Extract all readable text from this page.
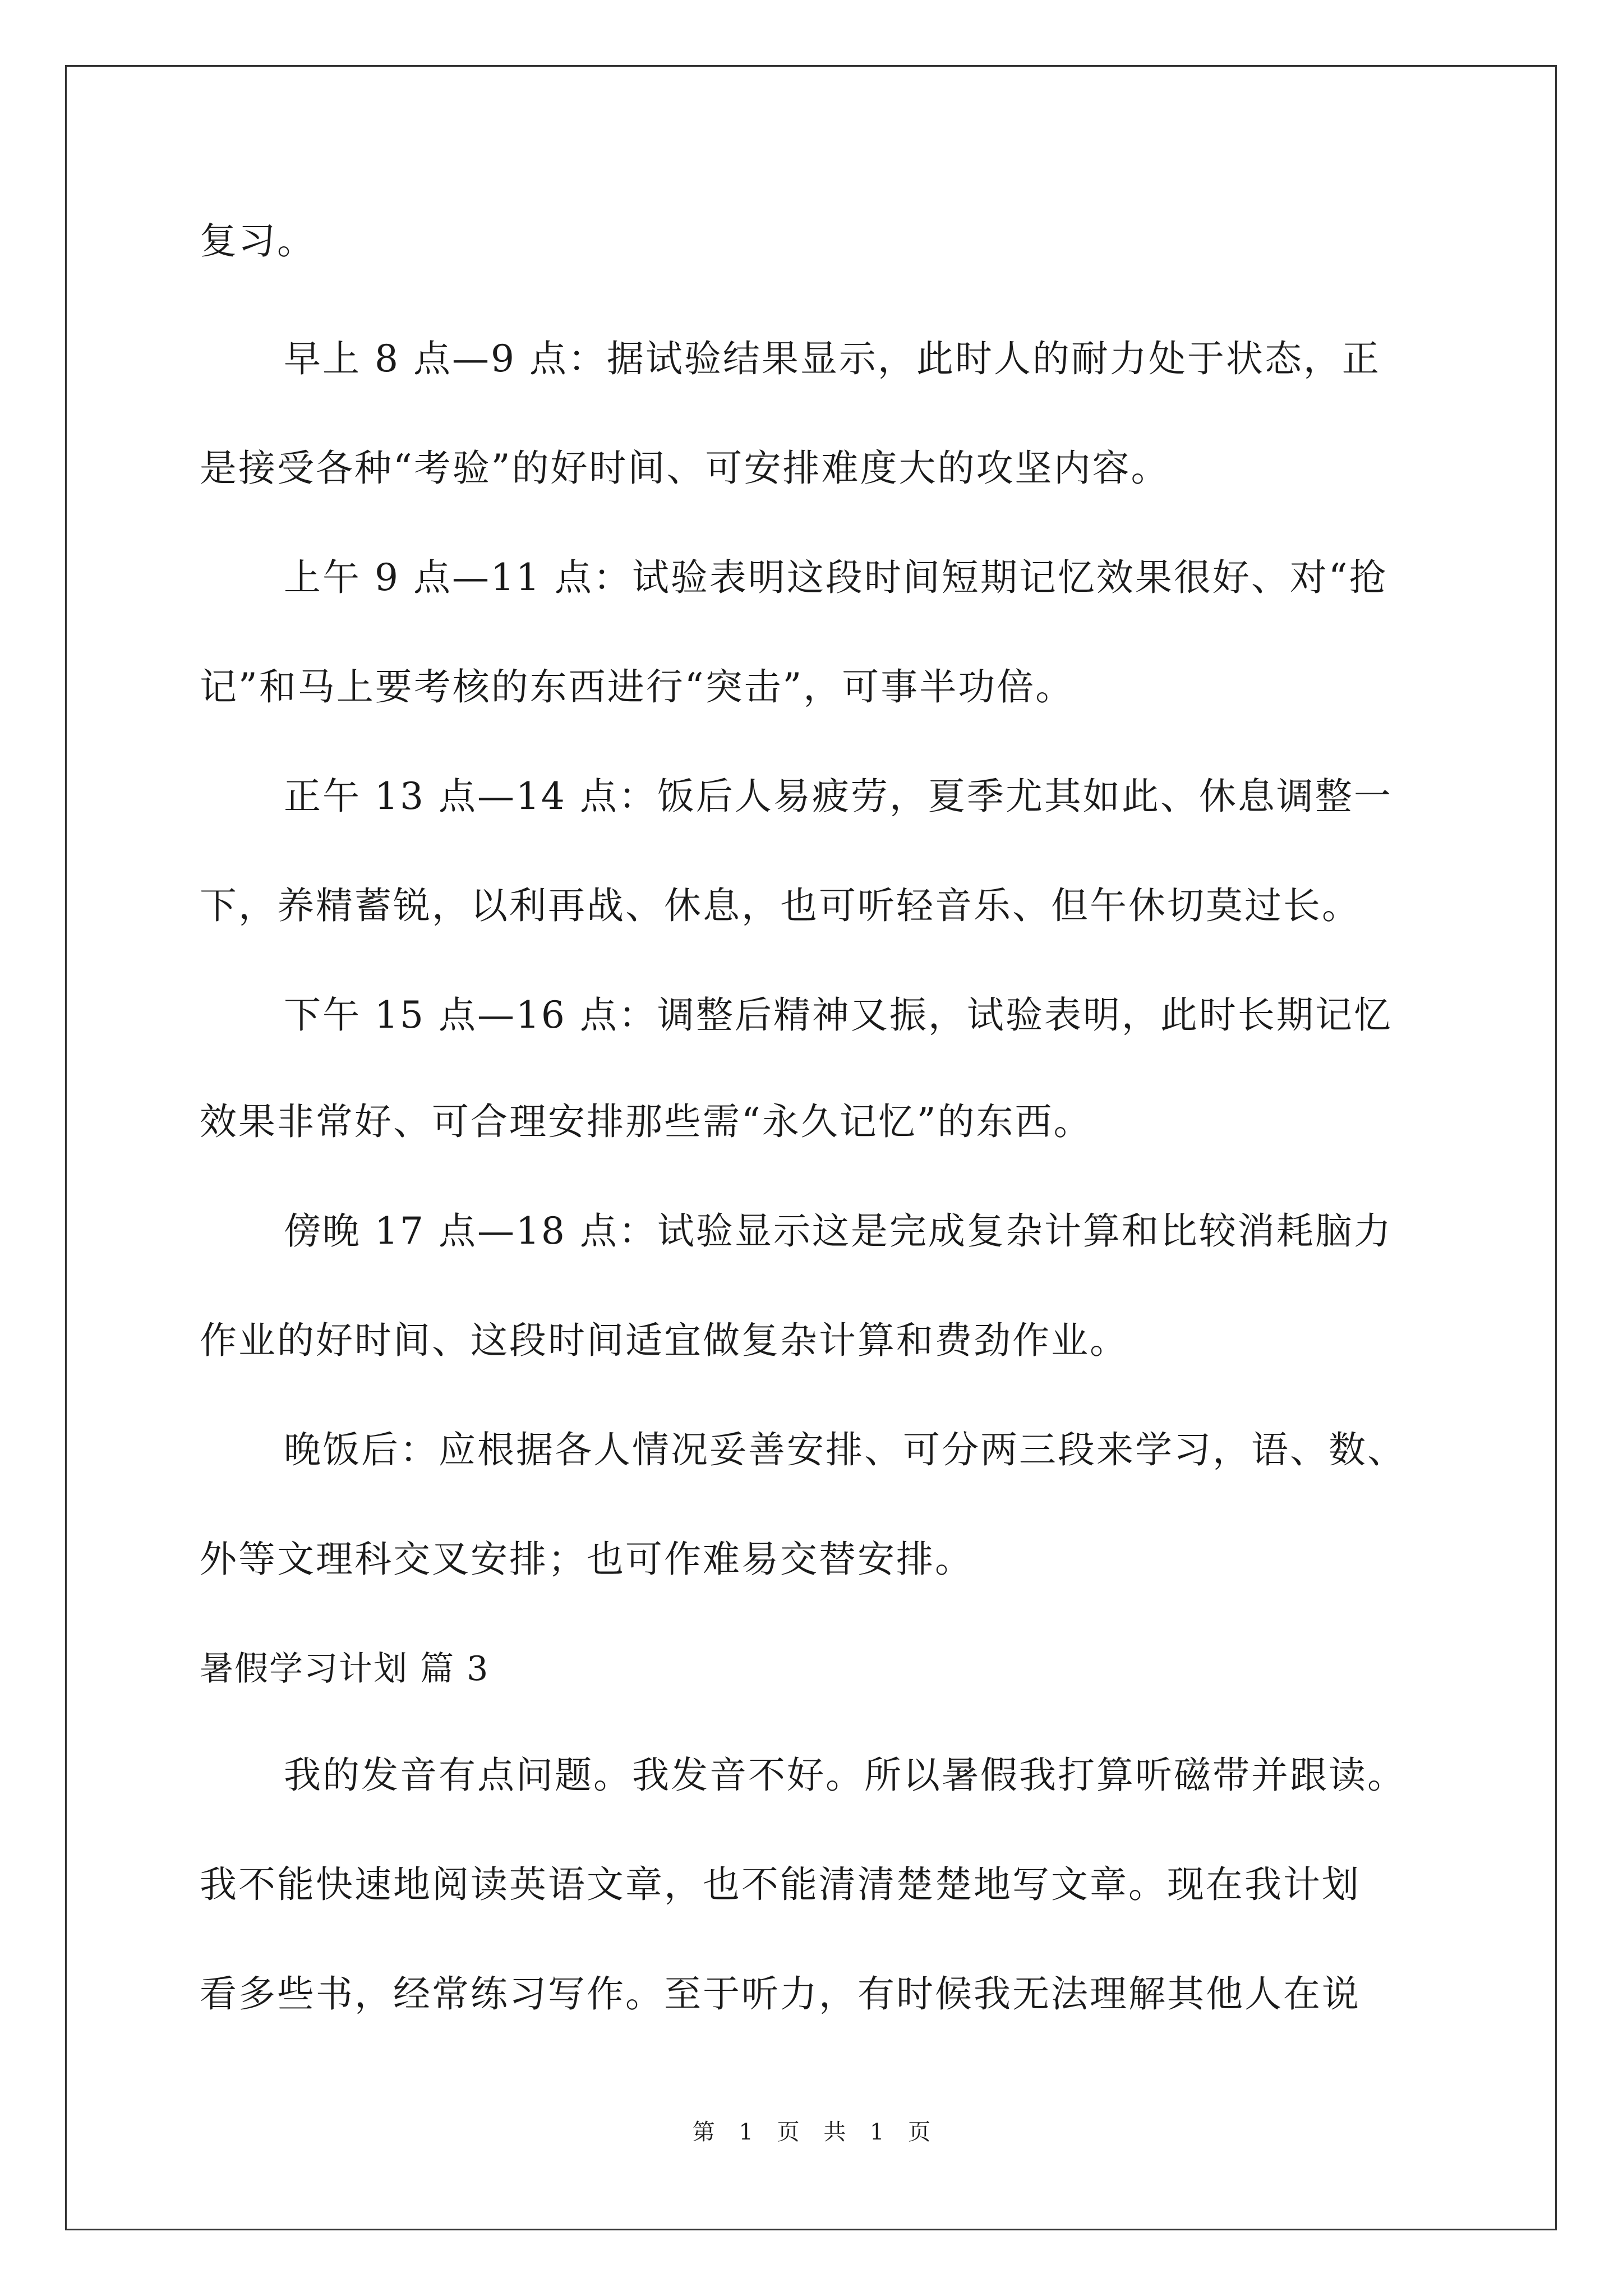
复习。
早上 8 点—9 点：据试验结果显示，此时人的耐力处于状态，正
是接受各种“考验”的好时间、可安排难度大的攻坚内容。
上午 9 点—11 点：试验表明这段时间短期记忆效果很好、对“抢
记”和马上要考核的东西进行“突击”，可事半功倍。
正午 13 点—14 点：饭后人易疲劳，夏季尤其如此、休息调整一
下，养精蓄锐，以利再战、休息，也可听轻音乐、但午休切莫过长。
下午 15 点—16 点：调整后精神又振，试验表明，此时长期记忆
效果非常好、可合理安排那些需“永久记忆”的东西。
傍晚 17 点—18 点：试验显示这是完成复杂计算和比较消耗脑力
作业的好时间、这段时间适宜做复杂计算和费劲作业。
晚饭后：应根据各人情况妥善安排、可分两三段来学习，语、数、
外等文理科交叉安排；也可作难易交替安排。
暑假学习计划 篇 3
我的发音有点问题。我发音不好。所以暑假我打算听磁带并跟读。
我不能快速地阅读英语文章，也不能清清楚楚地写文章。现在我计划
看多些书，经常练习写作。至于听力，有时候我无法理解其他人在说
第 1 页 共 1 页
